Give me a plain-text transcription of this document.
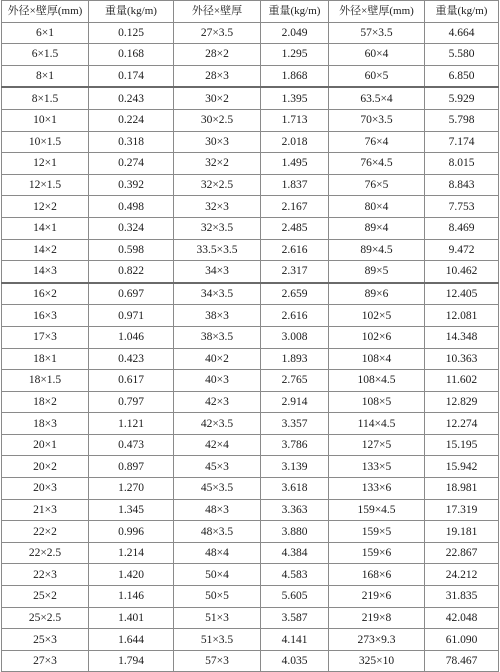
外径×壁厚(mm)	重量(kg/m)	外径×壁厚	重量(kg/m)	外径×壁厚(mm)	重量(kg/m)
6×1	0.125	27×3.5	2.049	57×3.5	4.664
6×1.5	0.168	28×2	1.295	60×4	5.580
8×1	0.174	28×3	1.868	60×5	6.850
8×1.5	0.243	30×2	1.395	63.5×4	5.929
10×1	0.224	30×2.5	1.713	70×3.5	5.798
10×1.5	0.318	30×3	2.018	76×4	7.174
12×1	0.274	32×2	1.495	76×4.5	8.015
12×1.5	0.392	32×2.5	1.837	76×5	8.843
12×2	0.498	32×3	2.167	80×4	7.753
14×1	0.324	32×3.5	2.485	89×4	8.469
14×2	0.598	33.5×3.5	2.616	89×4.5	9.472
14×3	0.822	34×3	2.317	89×5	10.462
16×2	0.697	34×3.5	2.659	89×6	12.405
16×3	0.971	38×3	2.616	102×5	12.081
17×3	1.046	38×3.5	3.008	102×6	14.348
18×1	0.423	40×2	1.893	108×4	10.363
18×1.5	0.617	40×3	2.765	108×4.5	11.602
18×2	0.797	42×3	2.914	108×5	12.829
18×3	1.121	42×3.5	3.357	114×4.5	12.274
20×1	0.473	42×4	3.786	127×5	15.195
20×2	0.897	45×3	3.139	133×5	15.942
20×3	1.270	45×3.5	3.618	133×6	18.981
21×3	1.345	48×3	3.363	159×4.5	17.319
22×2	0.996	48×3.5	3.880	159×5	19.181
22×2.5	1.214	48×4	4.384	159×6	22.867
22×3	1.420	50×4	4.583	168×6	24.212
25×2	1.146	50×5	5.605	219×6	31.835
25×2.5	1.401	51×3	3.587	219×8	42.048
25×3	1.644	51×3.5	4.141	273×9.3	61.090
27×3	1.794	57×3	4.035	325×10	78.467
